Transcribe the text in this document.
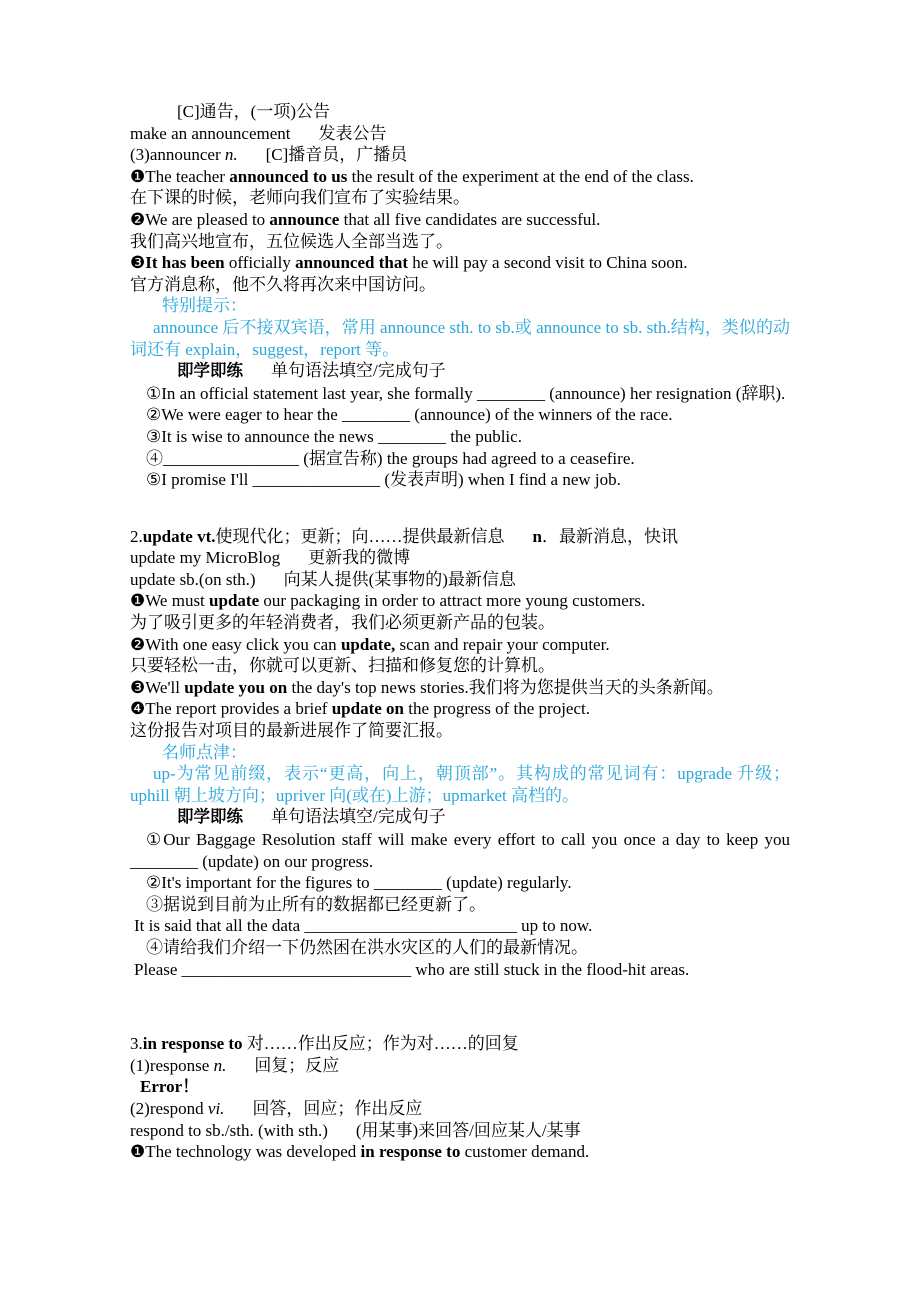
[C]通告，(一项)公告

make an announcement 发表公告

(3)announcer n. [C]播音员，广播员

❶The teacher announced to us the result of the experiment at the end of the class.

在下课的时候，老师向我们宣布了实验结果。

❷We are pleased to announce that all five candidates are successful.

我们高兴地宣布，五位候选人全部当选了。

❸It has been officially announced that he will pay a second visit to China soon.

官方消息称，他不久将再次来中国访问。

特别提示：

announce 后不接双宾语，常用 announce sth. to sb.或 announce to sb. sth.结构，类似的动词还有 explain，suggest，report 等。

即学即练 单句语法填空/完成句子

①In an official statement last year, she formally ________ (announce) her resignation (辞职).

②We were eager to hear the ________ (announce) of the winners of the race.

③It is wise to announce the news ________ the public.

④________________ (据宣告称) the groups had agreed to a ceasefire.

⑤I promise I'll _______________ (发表声明) when I find a new job.

2.update vt.使现代化；更新；向……提供最新信息 n．最新消息，快讯

update my MicroBlog 更新我的微博

update sb.(on sth.) 向某人提供(某事物的)最新信息

❶We must update our packaging in order to attract more young customers.

为了吸引更多的年轻消费者，我们必须更新产品的包装。

❷With one easy click you can update, scan and repair your computer.

只要轻松一击，你就可以更新、扫描和修复您的计算机。

❸We'll update you on the day's top news stories.我们将为您提供当天的头条新闻。

❹The report provides a brief update on the progress of the project.

这份报告对项目的最新进展作了简要汇报。

名师点津：

up-为常见前缀，表示“更高，向上，朝顶部”。其构成的常见词有：upgrade 升级；uphill 朝上坡方向；upriver 向(或在)上游；upmarket 高档的。

即学即练 单句语法填空/完成句子

①Our Baggage Resolution staff will make every effort to call you once a day to keep you ________ (update) on our progress.

②It's important for the figures to ________ (update) regularly.

③据说到目前为止所有的数据都已经更新了。

It is said that all the data _________________________ up to now.

④请给我们介绍一下仍然困在洪水灾区的人们的最新情况。

Please ___________________________ who are still stuck in the flood-hit areas.

3.in response to 对……作出反应；作为对……的回复

(1)response n. 回复；反应

Error！

(2)respond vi. 回答，回应；作出反应

respond to sb./sth. (with sth.) (用某事)来回答/回应某人/某事

❶The technology was developed in response to customer demand.
